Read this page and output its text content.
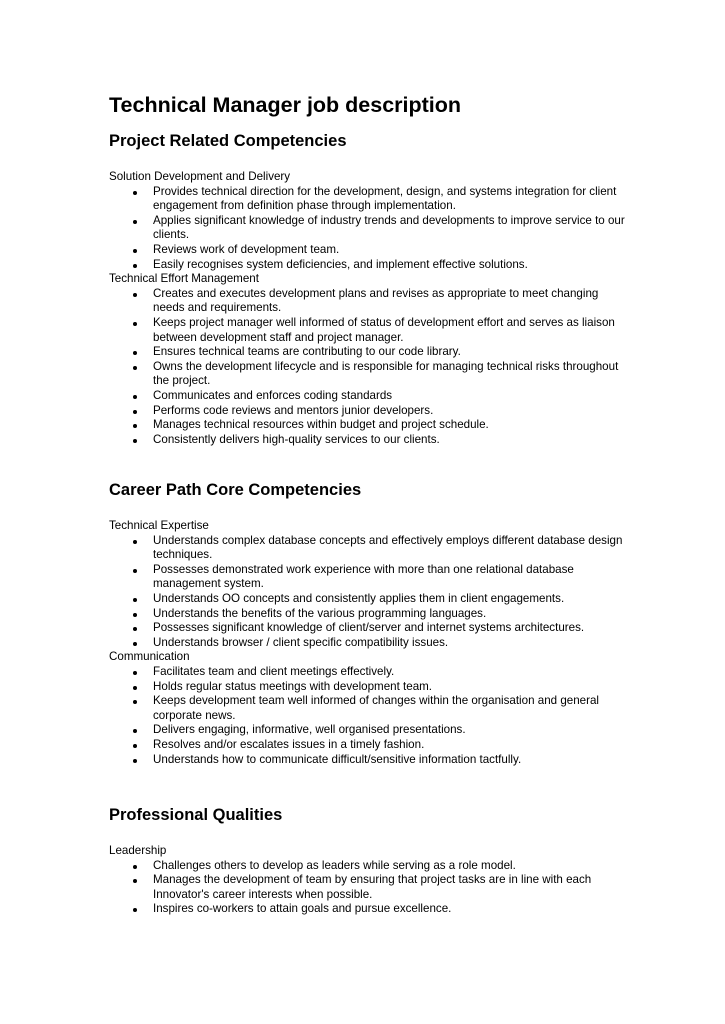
Technical Manager job description
Project Related Competencies

Solution Development and Delivery

Provides technical direction for the development, design, and systems integration for client engagement from definition phase through implementation.
Applies significant knowledge of industry trends and developments to improve service to our clients.
Reviews work of development team.
Easily recognises system deficiencies, and implement effective solutions.

Technical Effort Management

Creates and executes development plans and revises as appropriate to meet changing needs and requirements.
Keeps project manager well informed of status of development effort and serves as liaison between development staff and project manager.
Ensures technical teams are contributing to our code library.
Owns the development lifecycle and is responsible for managing technical risks throughout the project.
Communicates and enforces coding standards
Performs code reviews and mentors junior developers.
Manages technical resources within budget and project schedule.
Consistently delivers high-quality services to our clients.
Career Path Core Competencies

Technical Expertise

Understands complex database concepts and effectively employs different database design techniques.
Possesses demonstrated work experience with more than one relational database management system.
Understands OO concepts and consistently applies them in client engagements.
Understands the benefits of the various programming languages.
Possesses significant knowledge of client/server and internet systems architectures.
Understands browser / client specific compatibility issues.

Communication

Facilitates team and client meetings effectively.
Holds regular status meetings with development team.
Keeps development team well informed of changes within the organisation and general corporate news.
Delivers engaging, informative, well organised presentations.
Resolves and/or escalates issues in a timely fashion.
Understands how to communicate difficult/sensitive information tactfully.
Professional Qualities

Leadership

Challenges others to develop as leaders while serving as a role model.
Manages the development of team by ensuring that project tasks are in line with each Innovator's career interests when possible.
Inspires co-workers to attain goals and pursue excellence.
